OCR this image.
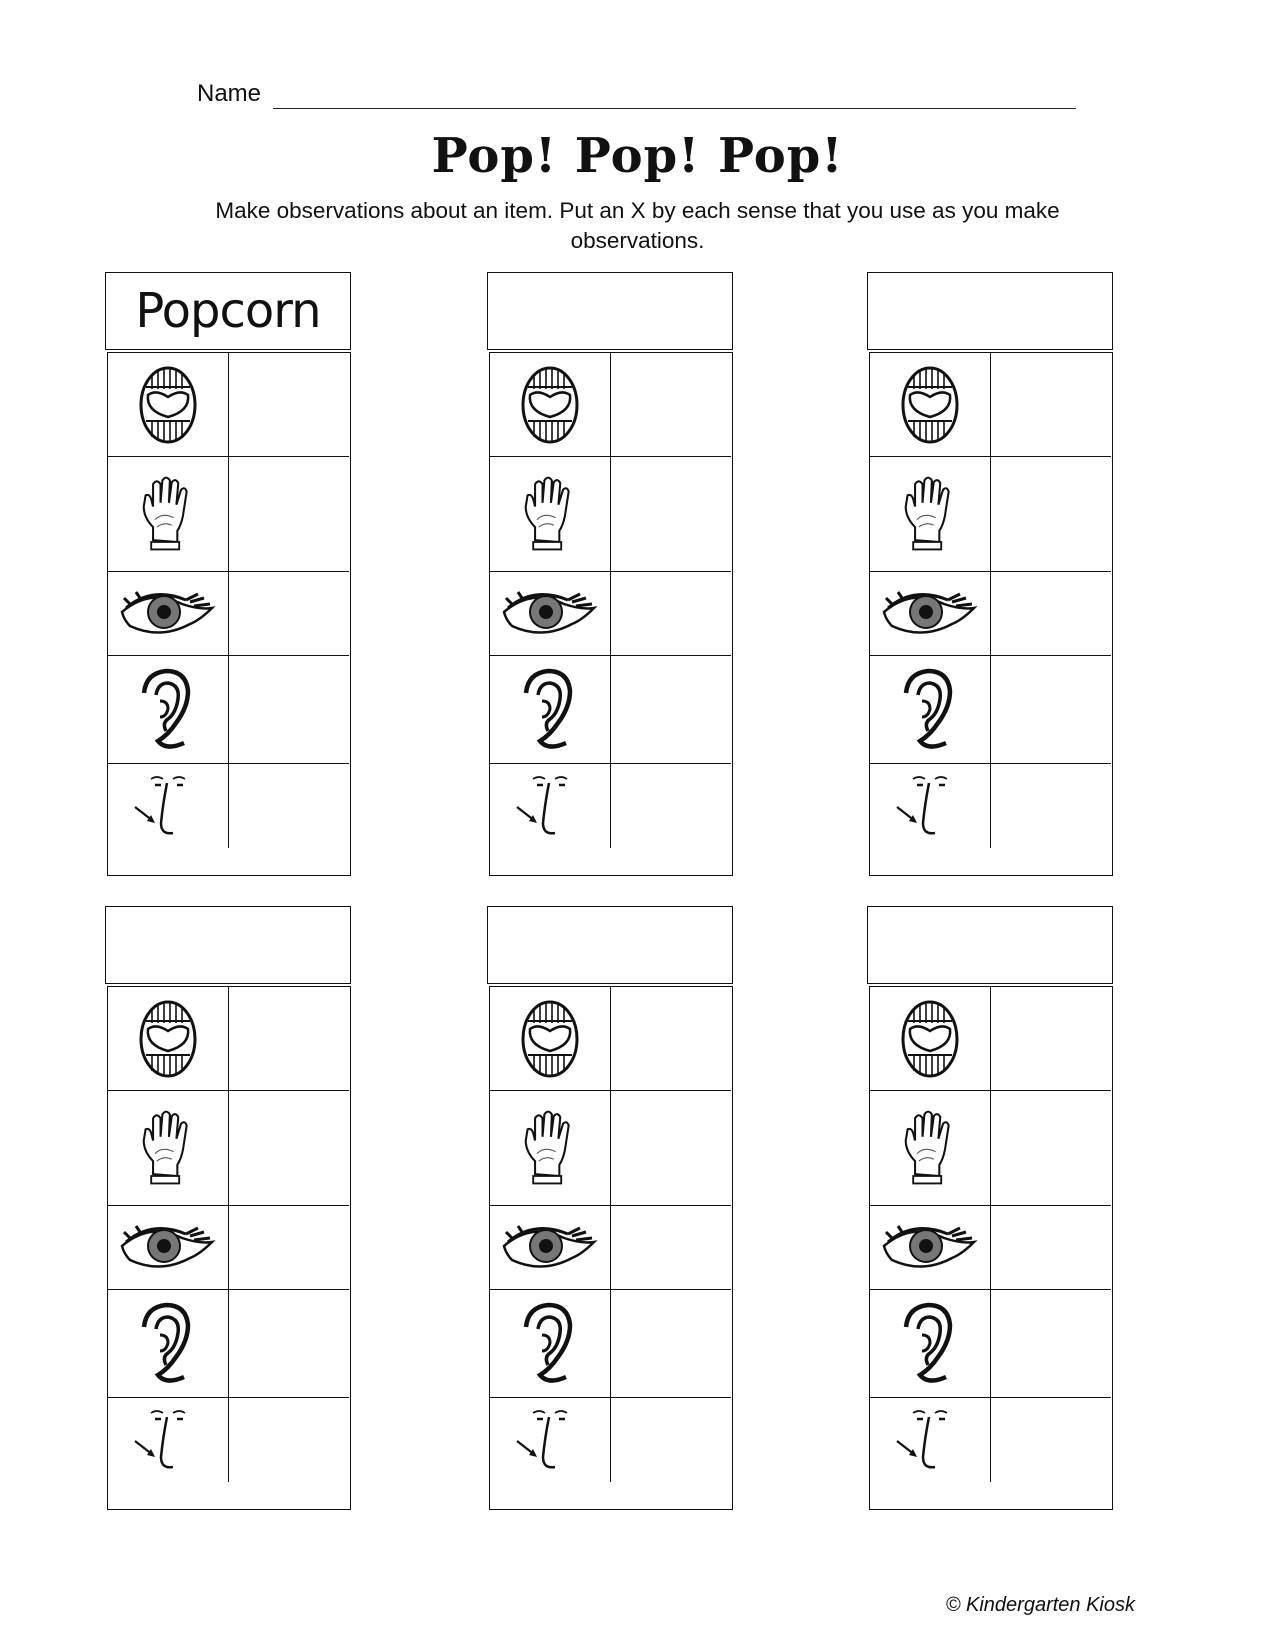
Name
Pop! Pop! Pop!
Make observations about an item. Put an X by each sense that you use as you make observations.
Popcorn
© Kindergarten Kiosk
